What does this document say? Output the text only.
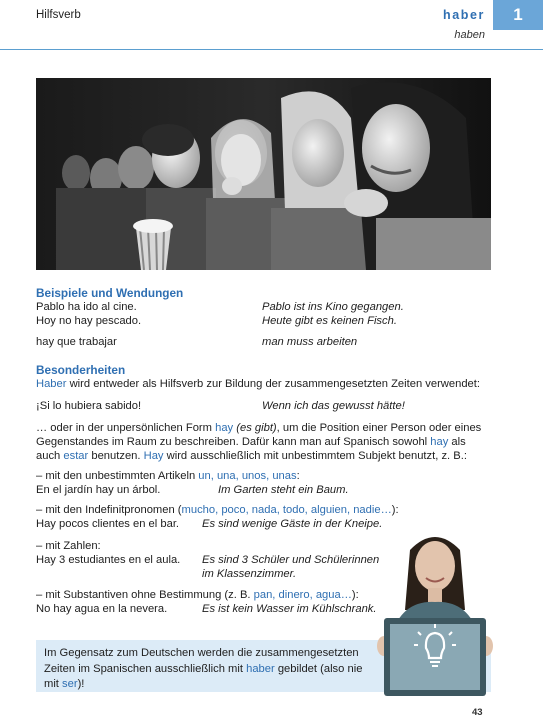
Hilfsverb	haber
haben
1
Beispiele und Wendungen
Pablo ha ido al cine.	Pablo ist ins Kino gegangen.
Hoy no hay pescado.	Heute gibt es keinen Fisch.
hay que trabajar	man muss arbeiten
Besonderheiten
Haber wird entweder als Hilfsverb zur Bildung der zusammengesetzten Zeiten verwendet:
¡Si lo hubiera sabido!	Wenn ich das gewusst hätte!
… oder in der unpersönlichen Form hay (es gibt), um die Position einer Person oder eines
Gegenstandes im Raum zu beschreiben. Dafür kann man auf Spanisch sowohl hay als
auch estar benutzen. Hay wird ausschließlich mit unbestimmtem Subjekt benutzt, z. B.:
– mit den unbestimmten Artikeln un, una, unos, unas:
En el jardín hay un árbol.	Im Garten steht ein Baum.
– mit den Indefinitpronomen (mucho, poco, nada, todo, alguien, nadie…):
Hay pocos clientes en el bar. Es sind wenige Gäste in der Kneipe.
– mit Zahlen:
Hay 3 estudiantes en el aula. Es sind 3 Schüler und Schülerinnen
im Klassenzimmer.
– mit Substantiven ohne Bestimmung (z. B. pan, dinero, agua…):
No hay agua en la nevera.	Es ist kein Wasser im Kühlschrank.
Im Gegensatz zum Deutschen werden die zusammengesetzten Zeiten im Spanischen ausschließlich mit haber gebildet (also nie mit ser)!
43
